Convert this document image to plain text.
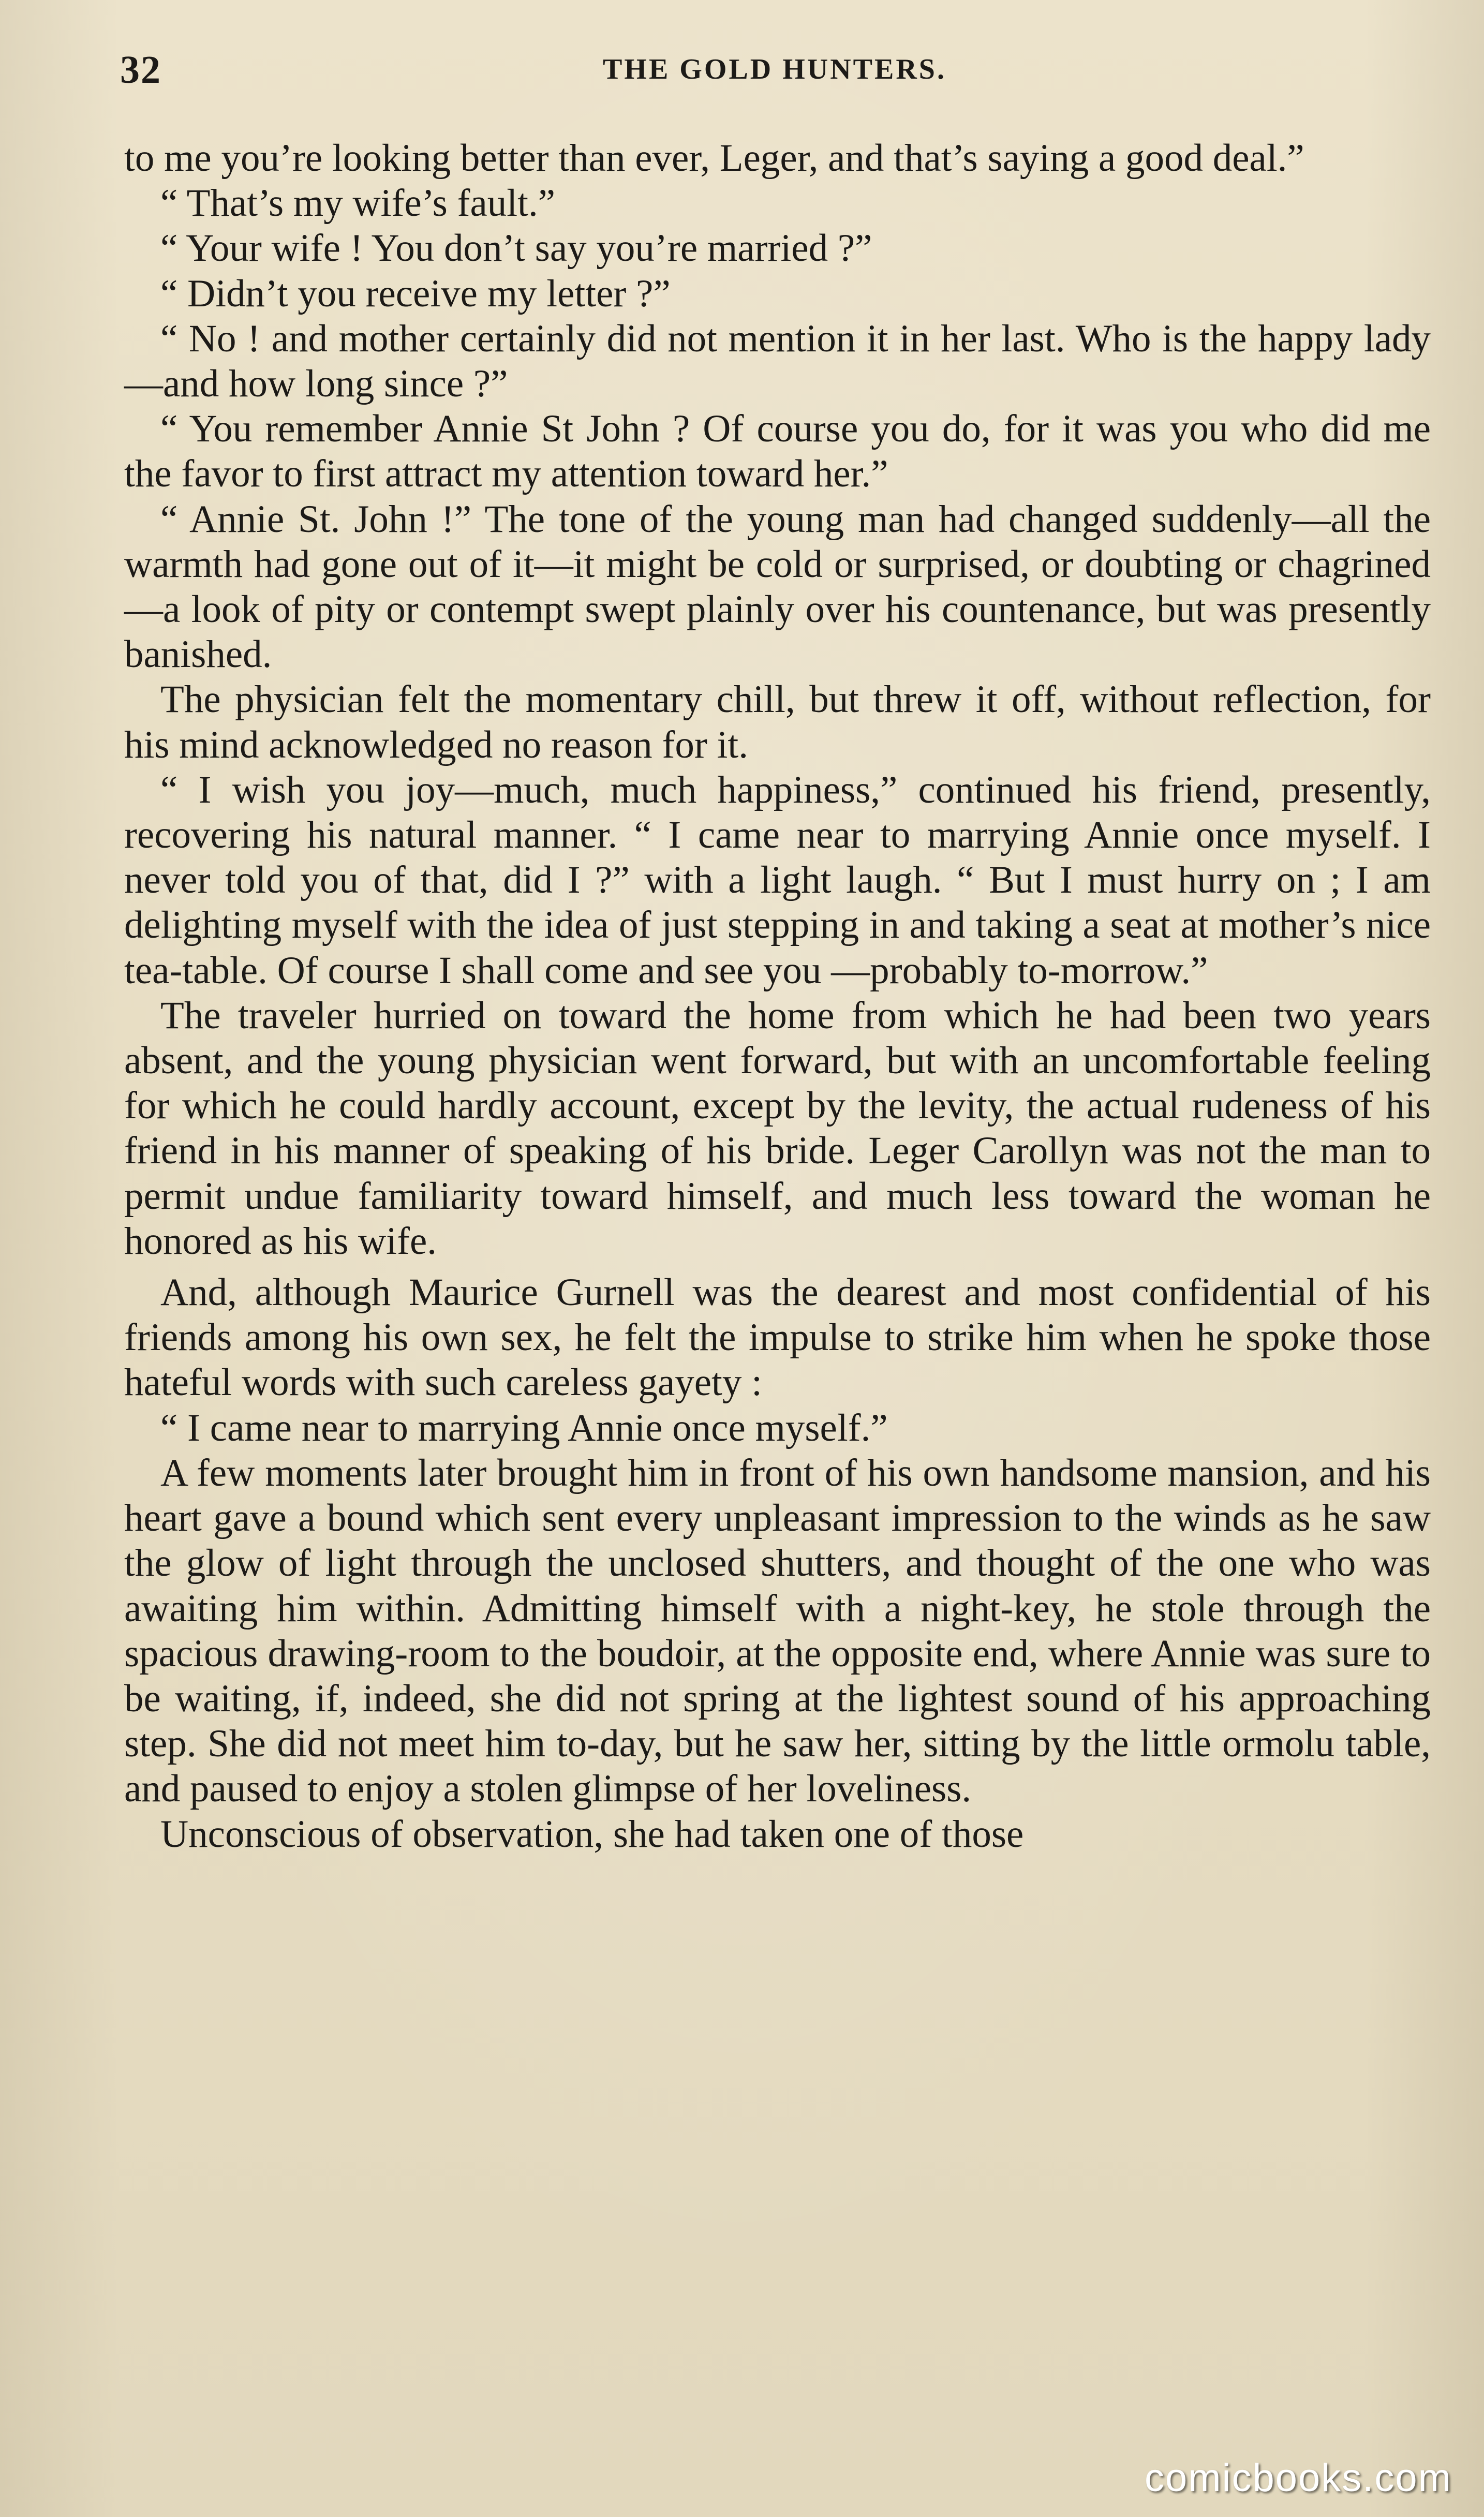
32	THE GOLD HUNTERS.

to me you’re looking better than ever, Leger, and that’s saying a good deal.”

“ That’s my wife’s fault.”

“ Your wife ! You don’t say you’re married ?”

“ Didn’t you receive my letter ?”

“ No ! and mother certainly did not mention it in her last. Who is the happy lady—and how long since ?”

“ You remember Annie St John ? Of course you do, for it was you who did me the favor to first attract my attention toward her.”

“ Annie St. John !” The tone of the young man had changed suddenly—all the warmth had gone out of it—it might be cold or surprised, or doubting or chagrined—a look of pity or contempt swept plainly over his countenance, but was presently banished.

The physician felt the momentary chill, but threw it off, without reflection, for his mind acknowledged no reason for it.

“ I wish you joy—much, much happiness,” continued his friend, presently, recovering his natural manner. “ I came near to marrying Annie once myself. I never told you of that, did I ?” with a light laugh. “ But I must hurry on ; I am delighting myself with the idea of just stepping in and taking a seat at mother’s nice tea-table. Of course I shall come and see you —probably to-morrow.”

The traveler hurried on toward the home from which he had been two years absent, and the young physician went forward, but with an uncomfortable feeling for which he could hardly account, except by the levity, the actual rudeness of his friend in his manner of speaking of his bride. Leger Carollyn was not the man to permit undue familiarity toward himself, and much less toward the woman he honored as his wife.

And, although Maurice Gurnell was the dearest and most confidential of his friends among his own sex, he felt the impulse to strike him when he spoke those hateful words with such careless gayety :

“ I came near to marrying Annie once myself.”

A few moments later brought him in front of his own handsome mansion, and his heart gave a bound which sent every unpleasant impression to the winds as he saw the glow of light through the unclosed shutters, and thought of the one who was awaiting him within. Admitting himself with a night-key, he stole through the spacious drawing-room to the boudoir, at the opposite end, where Annie was sure to be waiting, if, indeed, she did not spring at the lightest sound of his approaching step. She did not meet him to-day, but he saw her, sitting by the little ormolu table, and paused to enjoy a stolen glimpse of her loveliness.

Unconscious of observation, she had taken one of those

comicbooks.com
